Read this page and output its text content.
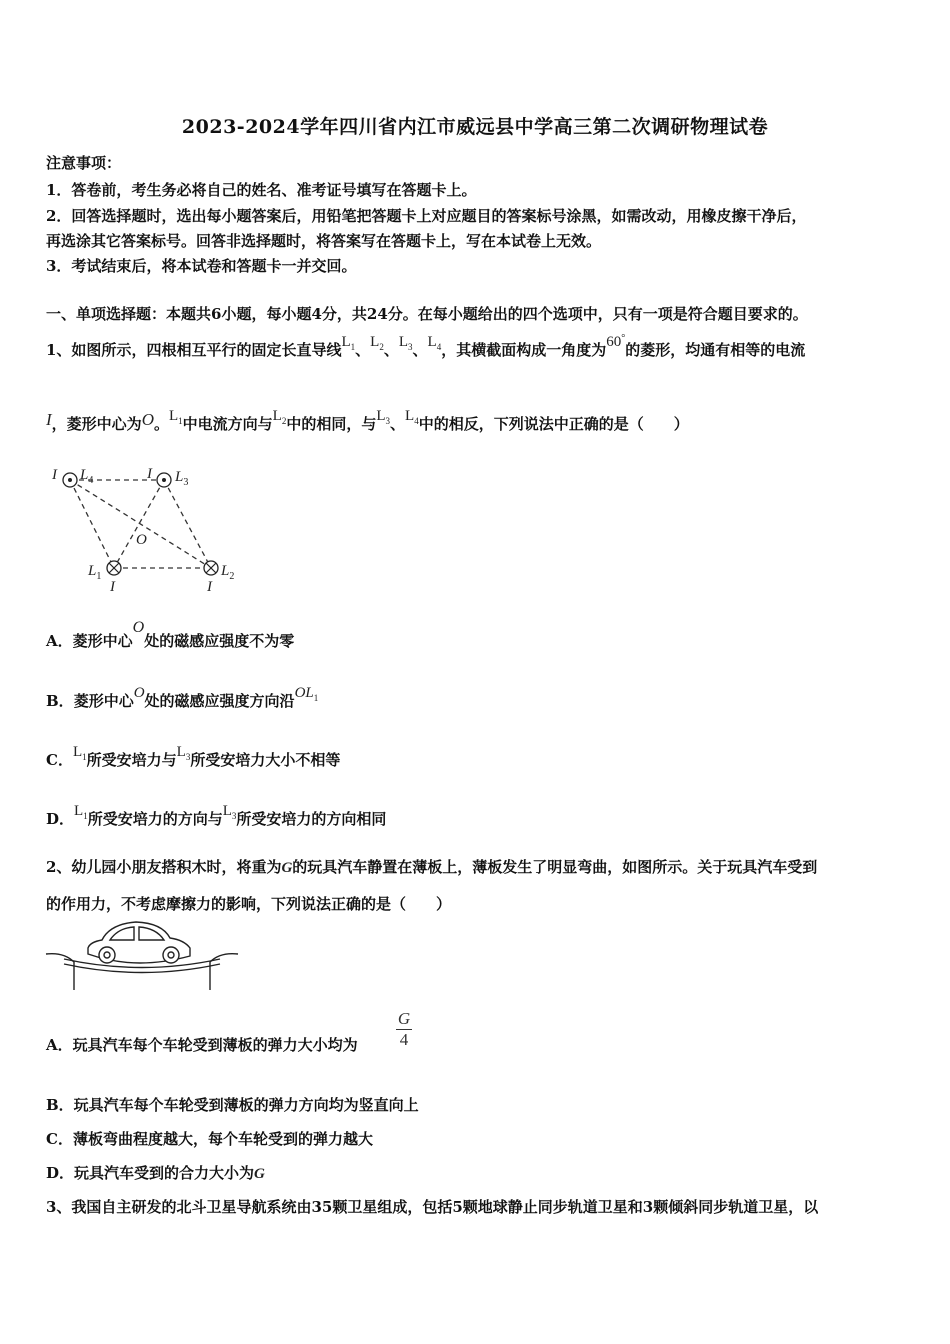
2023-2024学年四川省内江市威远县中学高三第二次调研物理试卷
注意事项：
1．答卷前，考生务必将自己的姓名、准考证号填写在答题卡上。
2．回答选择题时，选出每小题答案后，用铅笔把答题卡上对应题目的答案标号涂黑，如需改动，用橡皮擦干净后，
再选涂其它答案标号。回答非选择题时，将答案写在答题卡上，写在本试卷上无效。
3．考试结束后，将本试卷和答题卡一并交回。
一、单项选择题：本题共6小题，每小题4分，共24分。在每小题给出的四个选项中，只有一项是符合题目要求的。
1、如图所示，四根相互平行的固定长直导线$L_1$、$L_2$、$L_3$、$L_4$，其横截面构成一角度为60°的菱形，均通有相等的电流
I，菱形中心为O。$L_1$中电流方向与$L_2$中的相同，与$L_3$、$L_4$中的相反，下列说法中正确的是（　　）
I $L_4$	I $L_3$
O
$L_1$
I
$L_2$
I
A．菱形中心O处的磁感应强度不为零
B．菱形中心O处的磁感应强度方向沿$OL_1$
C．$L_1$所受安培力与$L_3$所受安培力大小不相等
D．$L_1$所受安培力的方向与$L_3$所受安培力的方向相同
2、幼儿园小朋友搭积木时，将重为G的玩具汽车静置在薄板上，薄板发生了明显弯曲，如图所示。关于玩具汽车受到
的作用力，不考虑摩擦力的影响，下列说法正确的是（　　）
A．玩具汽车每个车轮受到薄板的弹力大小均为 $\frac{G}{4}$
B．玩具汽车每个车轮受到薄板的弹力方向均为竖直向上
C．薄板弯曲程度越大，每个车轮受到的弹力越大
D．玩具汽车受到的合力大小为G
3、我国自主研发的北斗卫星导航系统由35颗卫星组成，包括5颗地球静止同步轨道卫星和3颗倾斜同步轨道卫星，以
